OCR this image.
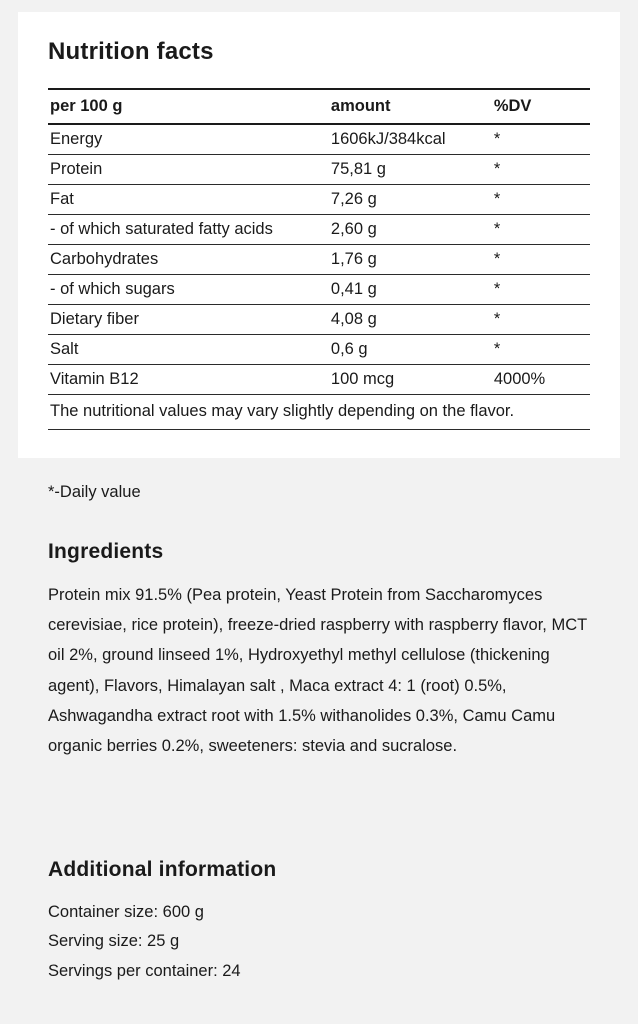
Nutrition facts
per 100 g	amount	%DV
Energy	1606kJ/384kcal	*
Protein	75,81 g	*
Fat	7,26 g	*
- of which saturated fatty acids	2,60 g	*
Carbohydrates	1,76 g	*
- of which sugars	0,41 g	*
Dietary fiber	4,08 g	*
Salt	0,6 g	*
Vitamin B12	100 mcg	4000%
The nutritional values may vary slightly depending on the flavor.		
*-Daily value
Ingredients

Protein mix 91.5% (Pea protein, Yeast Protein from Saccharomyces cerevisiae, rice protein), freeze-dried raspberry with raspberry flavor, MCT oil 2%, ground linseed 1%, Hydroxyethyl methyl cellulose (thickening agent), Flavors, Himalayan salt , Maca extract 4: 1 (root) 0.5%, Ashwagandha extract root with 1.5% withanolides 0.3%, Camu Camu organic berries 0.2%, sweeteners: stevia and sucralose.

Additional information
Container size: 600 g
Serving size: 25 g
Servings per container: 24
